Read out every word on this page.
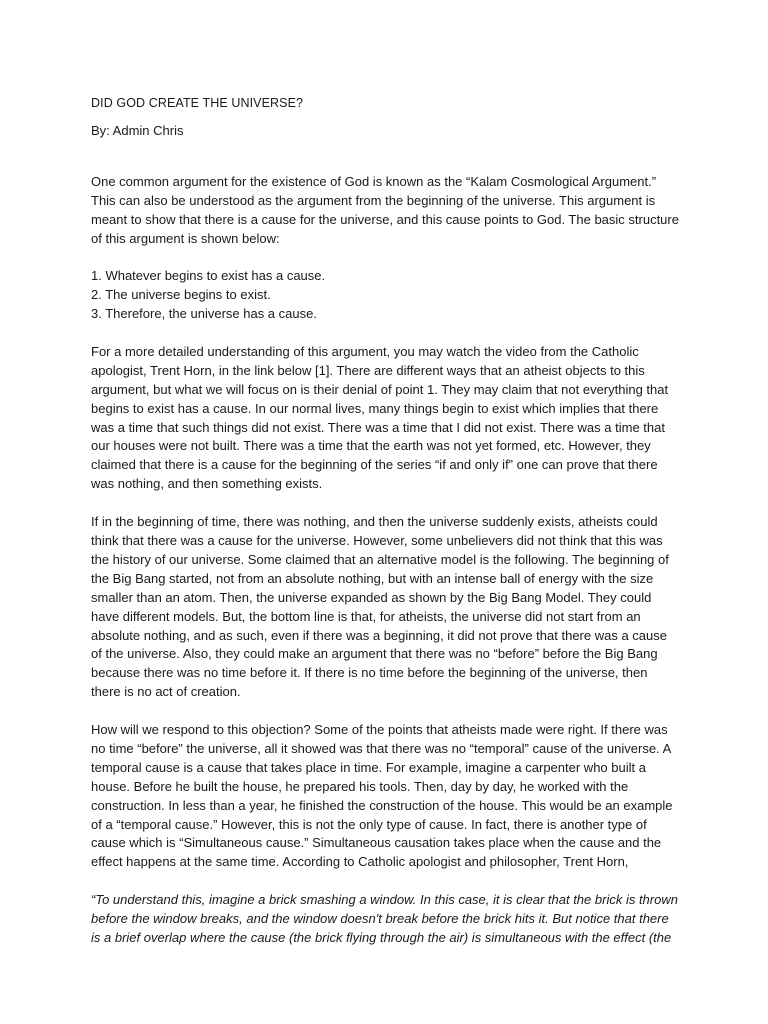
DID GOD CREATE THE UNIVERSE?

By: Admin Chris

One common argument for the existence of God is known as the “Kalam Cosmological Argument.” This can also be understood as the argument from the beginning of the universe. This argument is meant to show that there is a cause for the universe, and this cause points to God. The basic structure of this argument is shown below:

1. Whatever begins to exist has a cause.
2. The universe begins to exist.
3. Therefore, the universe has a cause.

For a more detailed understanding of this argument, you may watch the video from the Catholic apologist, Trent Horn, in the link below [1]. There are different ways that an atheist objects to this argument, but what we will focus on is their denial of point 1. They may claim that not everything that begins to exist has a cause. In our normal lives, many things begin to exist which implies that there was a time that such things did not exist. There was a time that I did not exist. There was a time that our houses were not built. There was a time that the earth was not yet formed, etc. However, they claimed that there is a cause for the beginning of the series “if and only if” one can prove that there was nothing, and then something exists.

If in the beginning of time, there was nothing, and then the universe suddenly exists, atheists could think that there was a cause for the universe. However, some unbelievers did not think that this was the history of our universe. Some claimed that an alternative model is the following. The beginning of the Big Bang started, not from an absolute nothing, but with an intense ball of energy with the size smaller than an atom. Then, the universe expanded as shown by the Big Bang Model. They could have different models. But, the bottom line is that, for atheists, the universe did not start from an absolute nothing, and as such, even if there was a beginning, it did not prove that there was a cause of the universe. Also, they could make an argument that there was no “before” before the Big Bang because there was no time before it. If there is no time before the beginning of the universe, then there is no act of creation.

How will we respond to this objection? Some of the points that atheists made were right. If there was no time “before” the universe, all it showed was that there was no “temporal” cause of the universe. A temporal cause is a cause that takes place in time. For example, imagine a carpenter who built a house. Before he built the house, he prepared his tools. Then, day by day, he worked with the construction. In less than a year, he finished the construction of the house. This would be an example of a “temporal cause.” However, this is not the only type of cause. In fact, there is another type of cause which is “Simultaneous cause.” Simultaneous causation takes place when the cause and the effect happens at the same time. According to Catholic apologist and philosopher, Trent Horn,

“To understand this, imagine a brick smashing a window. In this case, it is clear that the brick is thrown before the window breaks, and the window doesn't break before the brick hits it. But notice that there is a brief overlap where the cause (the brick flying through the air) is simultaneous with the effect (the
